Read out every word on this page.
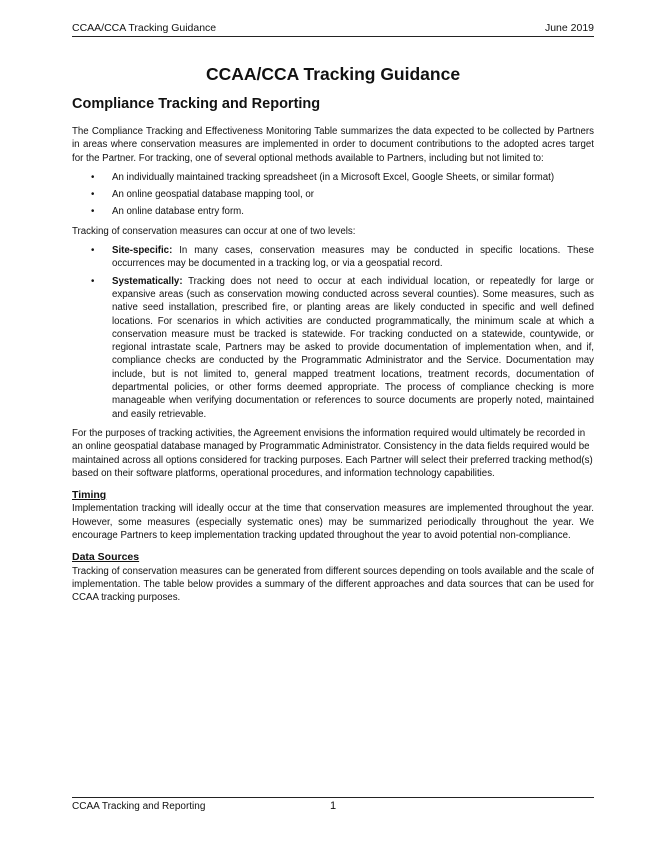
CCAA/CCA Tracking Guidance	June 2019
CCAA/CCA Tracking Guidance
Compliance Tracking and Reporting

The Compliance Tracking and Effectiveness Monitoring Table summarizes the data expected to be collected by Partners in areas where conservation measures are implemented in order to document contributions to the adopted acres target for the Partner. For tracking, one of several optional methods available to Partners, including but not limited to:

• An individually maintained tracking spreadsheet (in a Microsoft Excel, Google Sheets, or similar format)
• An online geospatial database mapping tool, or
• An online database entry form.

Tracking of conservation measures can occur at one of two levels:

• Site-specific: In many cases, conservation measures may be conducted in specific locations. These occurrences may be documented in a tracking log, or via a geospatial record.
• Systematically: Tracking does not need to occur at each individual location, or repeatedly for large or expansive areas (such as conservation mowing conducted across several counties). Some measures, such as native seed installation, prescribed fire, or planting areas are likely conducted in specific and well defined locations. For scenarios in which activities are conducted programmatically, the minimum scale at which a conservation measure must be tracked is statewide. For tracking conducted on a statewide, countywide, or regional intrastate scale, Partners may be asked to provide documentation of implementation when, and if, compliance checks are conducted by the Programmatic Administrator and the Service. Documentation may include, but is not limited to, general mapped treatment locations, treatment records, documentation of departmental policies, or other forms deemed appropriate. The process of compliance checking is more manageable when verifying documentation or references to source documents are properly noted, maintained and easily retrievable.

For the purposes of tracking activities, the Agreement envisions the information required would ultimately be recorded in an online geospatial database managed by Programmatic Administrator. Consistency in the data fields required would be maintained across all options considered for tracking purposes. Each Partner will select their preferred tracking method(s) based on their software platforms, operational procedures, and information technology capabilities.

Timing

Implementation tracking will ideally occur at the time that conservation measures are implemented throughout the year. However, some measures (especially systematic ones) may be summarized periodically throughout the year. We encourage Partners to keep implementation tracking updated throughout the year to avoid potential non-compliance.

Data Sources

Tracking of conservation measures can be generated from different sources depending on tools available and the scale of implementation. The table below provides a summary of the different approaches and data sources that can be used for CCAA tracking purposes.

CCAA Tracking and Reporting	1
